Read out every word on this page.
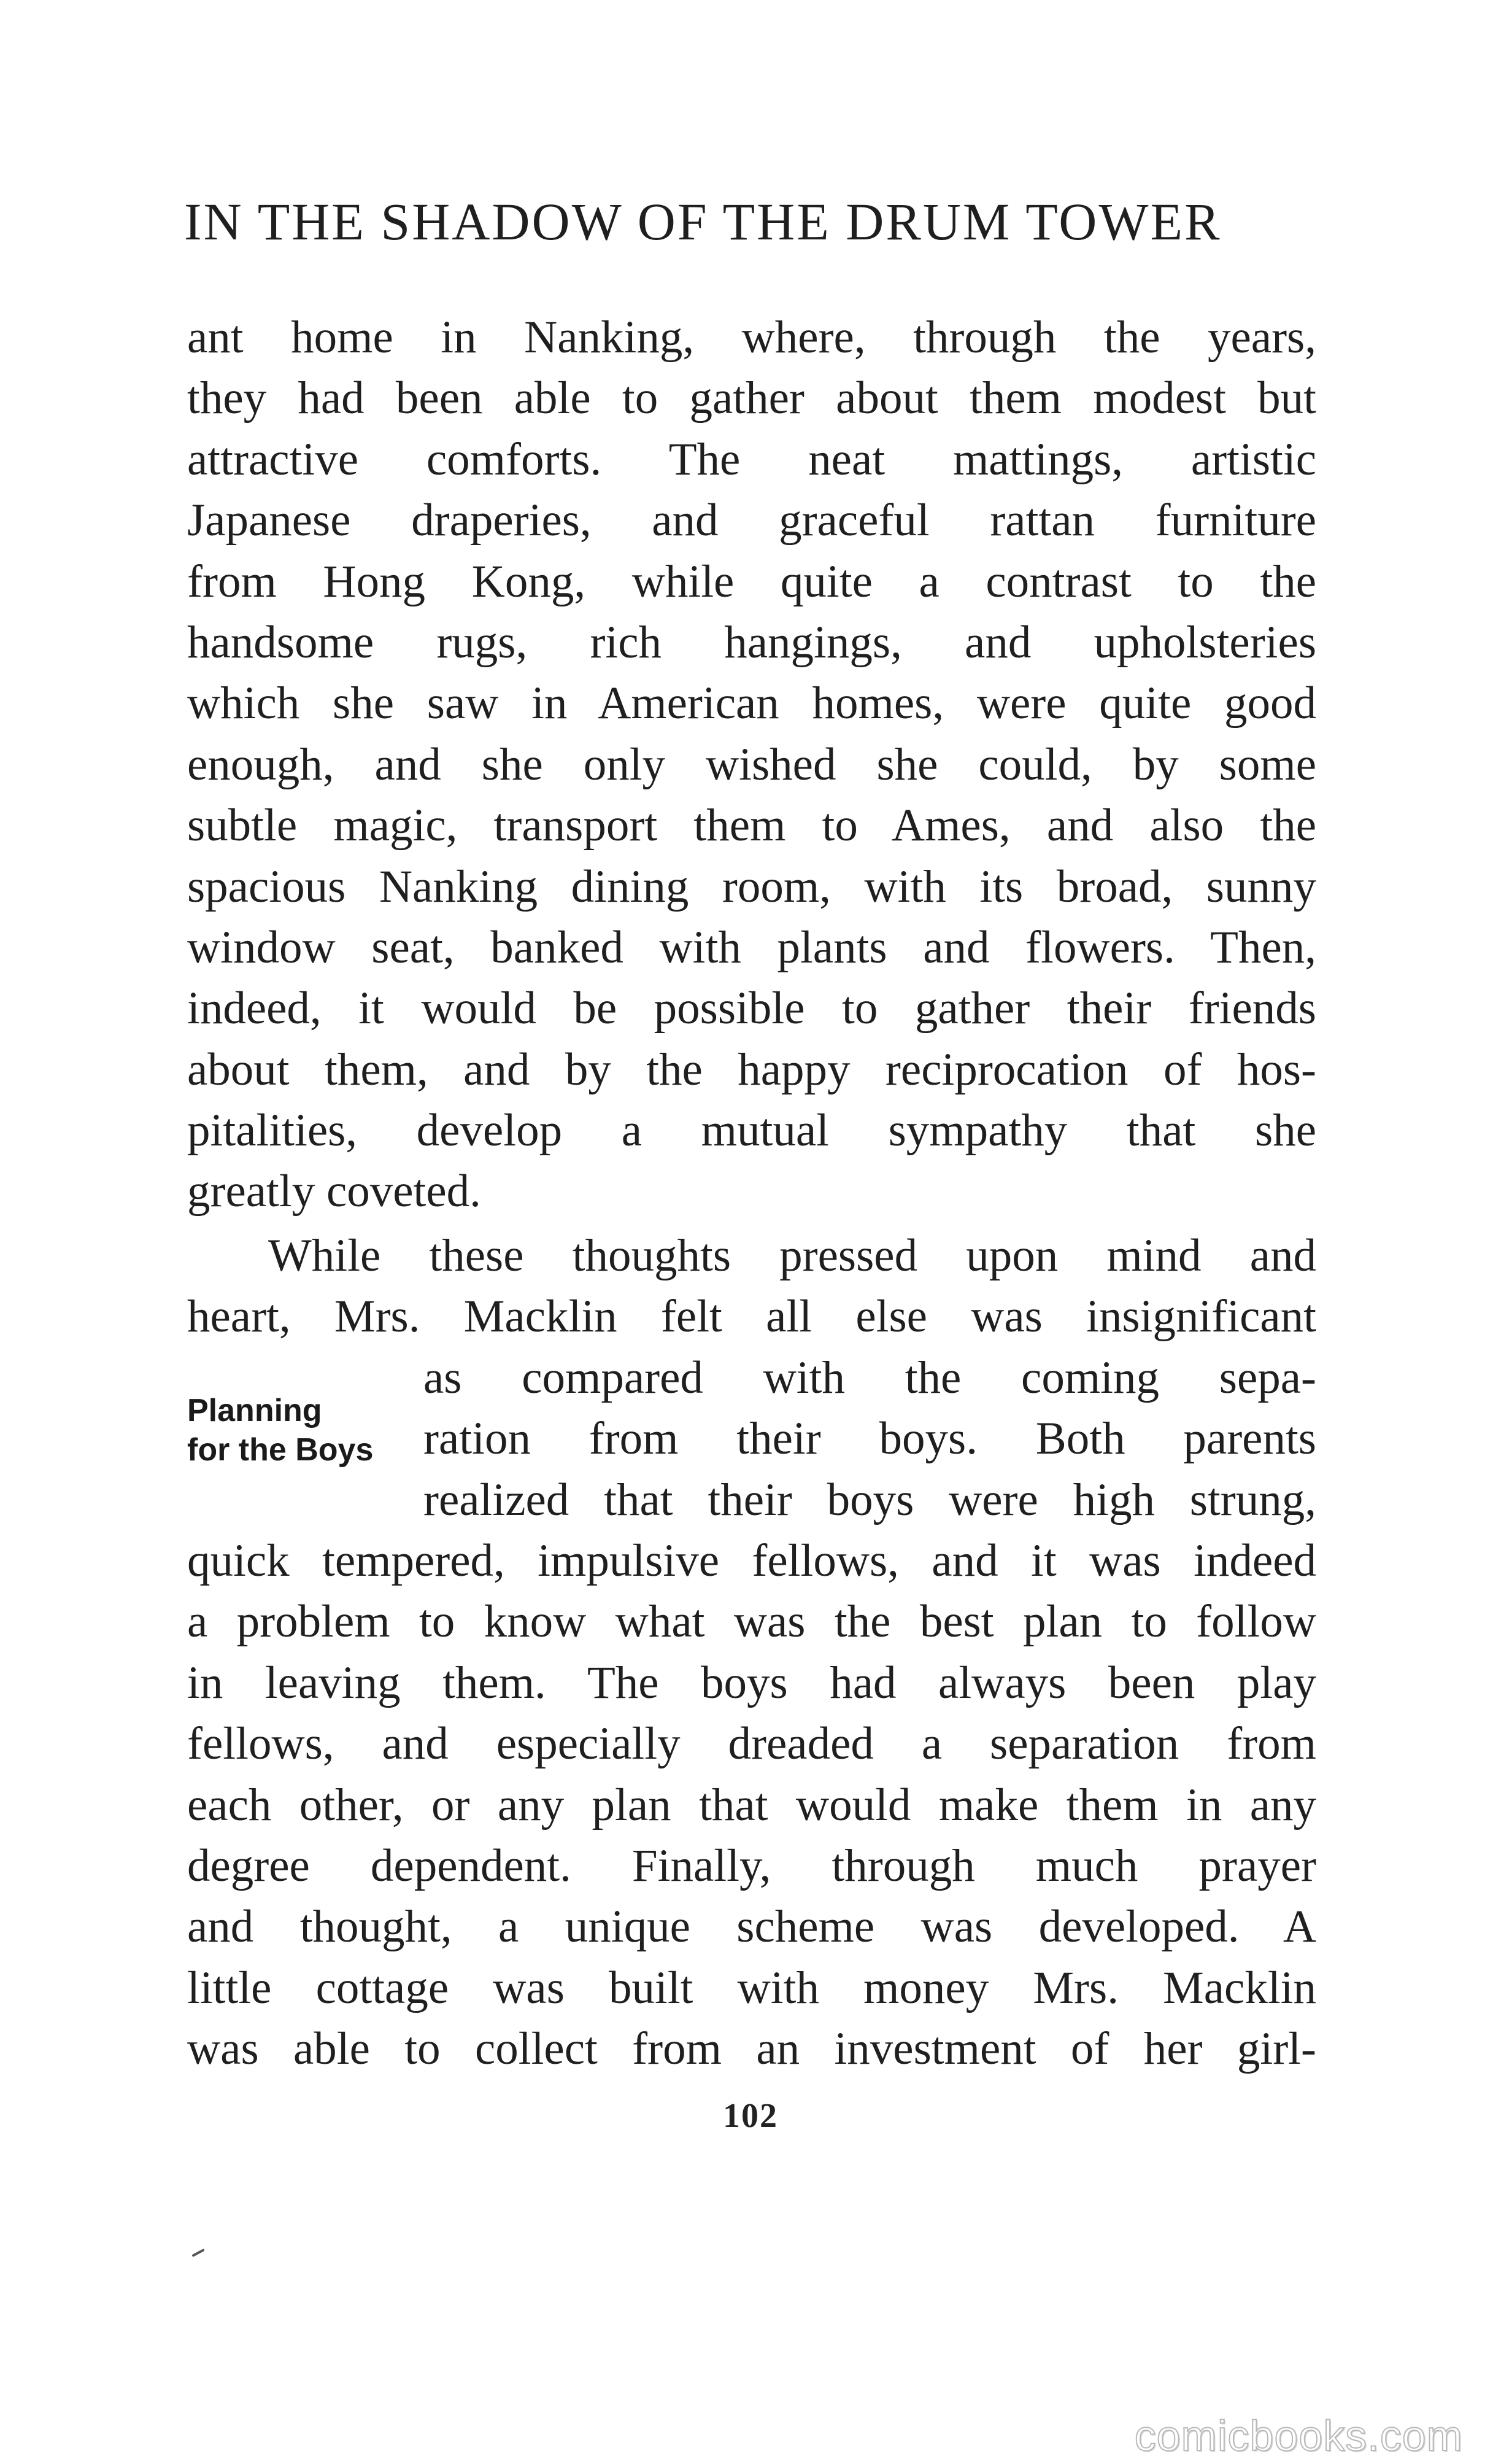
IN THE SHADOW OF THE DRUM TOWER
ant home in Nanking, where, through the years,
they had been able to gather about them modest but
attractive comforts. The neat mattings, artistic
Japanese draperies, and graceful rattan furniture
from Hong Kong, while quite a contrast to the
handsome rugs, rich hangings, and upholsteries
which she saw in American homes, were quite good
enough, and she only wished she could, by some
subtle magic, transport them to Ames, and also the
spacious Nanking dining room, with its broad, sunny
window seat, banked with plants and flowers. Then,
indeed, it would be possible to gather their friends
about them, and by the happy reciprocation of hos-
pitalities, develop a mutual sympathy that she
greatly coveted.
While these thoughts pressed upon mind and
heart, Mrs. Macklin felt all else was insignificant
as compared with the coming sepa-
ration from their boys. Both parents
realized that their boys were high strung,
quick tempered, impulsive fellows, and it was indeed
a problem to know what was the best plan to follow
in leaving them. The boys had always been play
fellows, and especially dreaded a separation from
each other, or any plan that would make them in any
degree dependent. Finally, through much prayer
and thought, a unique scheme was developed. A
little cottage was built with money Mrs. Macklin
was able to collect from an investment of her girl-
Planning
for the Boys
102
comicbooks.com
